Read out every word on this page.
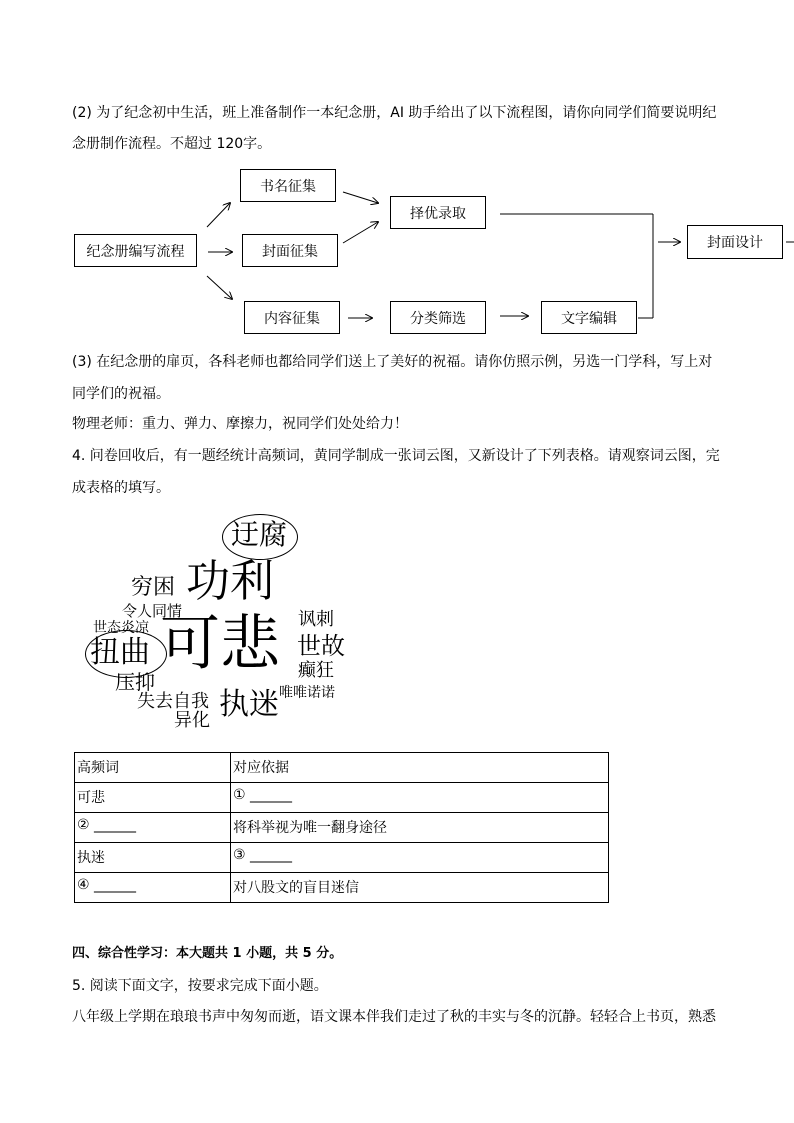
(2) 为了纪念初中生活，班上准备制作一本纪念册，AI 助手给出了以下流程图，请你向同学们简要说明纪
念册制作流程。不超过 120字。
纪念册编写流程
书名征集
封面征集
内容征集
择优录取
分类筛选	文字编辑
封面设计
(3) 在纪念册的扉页，各科老师也都给同学们送上了美好的祝福。请你仿照示例，另选一门学科，写上对
同学们的祝福。
物理老师：重力、弹力、摩擦力，祝同学们处处给力！
4. 问卷回收后，有一题经统计高频词，黄同学制成一张词云图，又新设计了下列表格。请观察词云图，完
成表格的填写。
迂腐
功利
穷困
令人同情
世态炎凉 可悲 讽刺
世故
扭曲
癫狂
压抑	唯唯诺诺
失去自我 执迷
异化
高频词	对应依据
可悲	① ______
② ______	将科举视为唯一翻身途径
执迷	③ ______
④ ______	对八股文的盲目迷信
四、综合性学习：本大题共 1 小题，共 5 分。
5. 阅读下面文字，按要求完成下面小题。
八年级上学期在琅琅书声中匆匆而逝，语文课本伴我们走过了秋的丰实与冬的沉静。轻轻合上书页，熟悉
